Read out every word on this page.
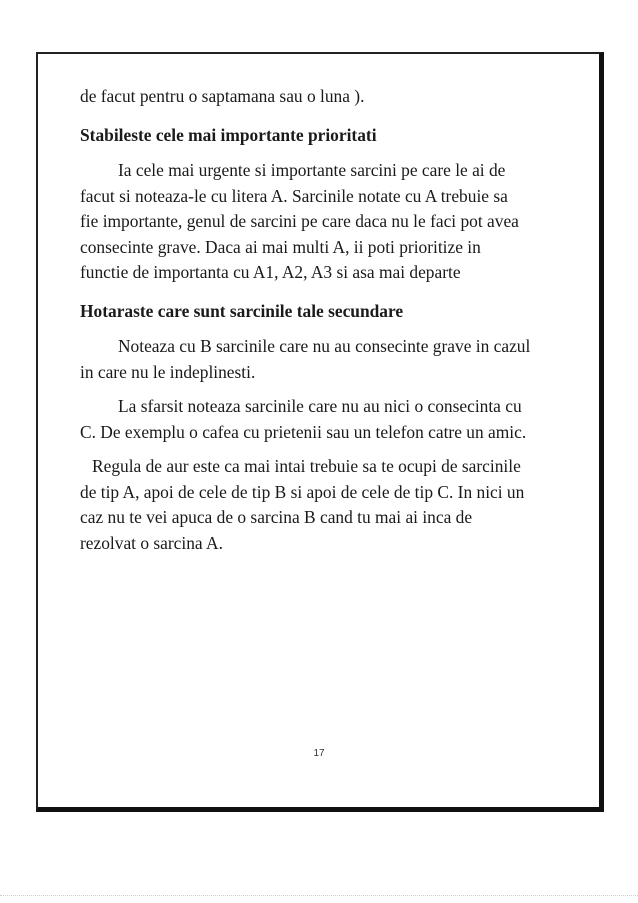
de facut pentru o saptamana sau o luna ).

Stabileste cele mai importante prioritati

Ia cele mai urgente si importante sarcini pe care le ai de
facut si noteaza-le cu litera A. Sarcinile notate cu A trebuie sa
fie importante, genul de sarcini pe care daca nu le faci pot avea
consecinte grave. Daca ai mai multi A, ii poti prioritize in
functie de importanta cu A1, A2, A3 si asa mai departe

Hotaraste care sunt sarcinile tale secundare

Noteaza cu B sarcinile care nu au consecinte grave in cazul
in care nu le indeplinesti.

La sfarsit noteaza sarcinile care nu au nici o consecinta cu
C. De exemplu o cafea cu prietenii sau un telefon catre un amic.

Regula de aur este ca mai intai trebuie sa te ocupi de sarcinile
de tip A, apoi de cele de tip B si apoi de cele de tip C. In nici un
caz nu te vei apuca de o sarcina B cand tu mai ai inca de
rezolvat o sarcina A.

17
